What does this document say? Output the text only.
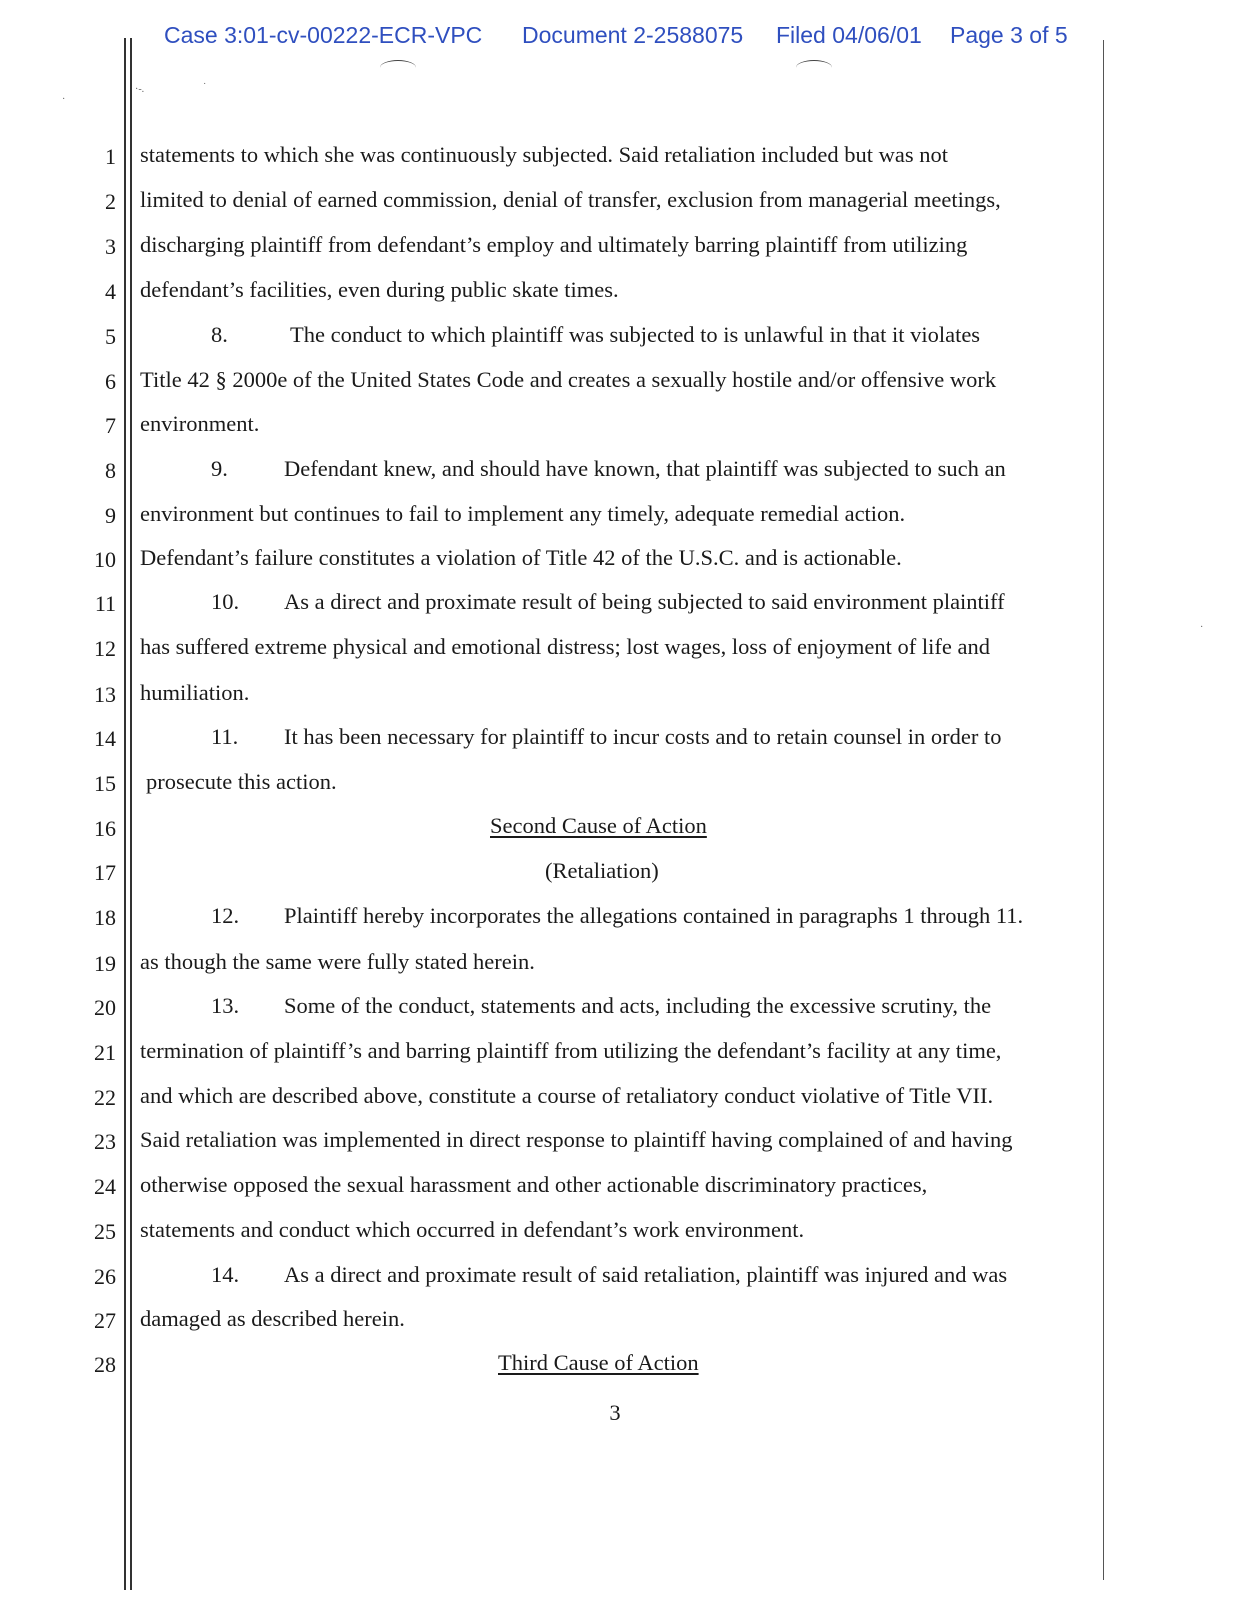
Case 3:01-cv-00222-ECR-VPC Document 2-2588075 Filed 04/06/01 Page 3 of 5
·-.	˙
·
·
1
2
3
4
5
6
7
8
9
10
11
12
13
14
15
16
17
18
19
20
21
22
23
24
25
26
27
28
statements to which she was continuously subjected. Said retaliation included but was not
limited to denial of earned commission, denial of transfer, exclusion from managerial meetings,
discharging plaintiff from defendant’s employ and ultimately barring plaintiff from utilizing
defendant’s facilities, even during public skate times.
8.	The conduct to which plaintiff was subjected to is unlawful in that it violates
Title 42 § 2000e of the United States Code and creates a sexually hostile and/or offensive work
environment.
9. Defendant knew, and should have known, that plaintiff was subjected to such an
environment but continues to fail to implement any timely, adequate remedial action.
Defendant’s failure constitutes a violation of Title 42 of the U.S.C. and is actionable.
10. As a direct and proximate result of being subjected to said environment plaintiff
has suffered extreme physical and emotional distress; lost wages, loss of enjoyment of life and
humiliation.
11. It has been necessary for plaintiff to incur costs and to retain counsel in order to
prosecute this action.
Second Cause of Action
(Retaliation)
12. Plaintiff hereby incorporates the allegations contained in paragraphs 1 through 11.
as though the same were fully stated herein.
13. Some of the conduct, statements and acts, including the excessive scrutiny, the
termination of plaintiff’s and barring plaintiff from utilizing the defendant’s facility at any time,
and which are described above, constitute a course of retaliatory conduct violative of Title VII.
Said retaliation was implemented in direct response to plaintiff having complained of and having
otherwise opposed the sexual harassment and other actionable discriminatory practices,
statements and conduct which occurred in defendant’s work environment.
14. As a direct and proximate result of said retaliation, plaintiff was injured and was
damaged as described herein.
Third Cause of Action
3
